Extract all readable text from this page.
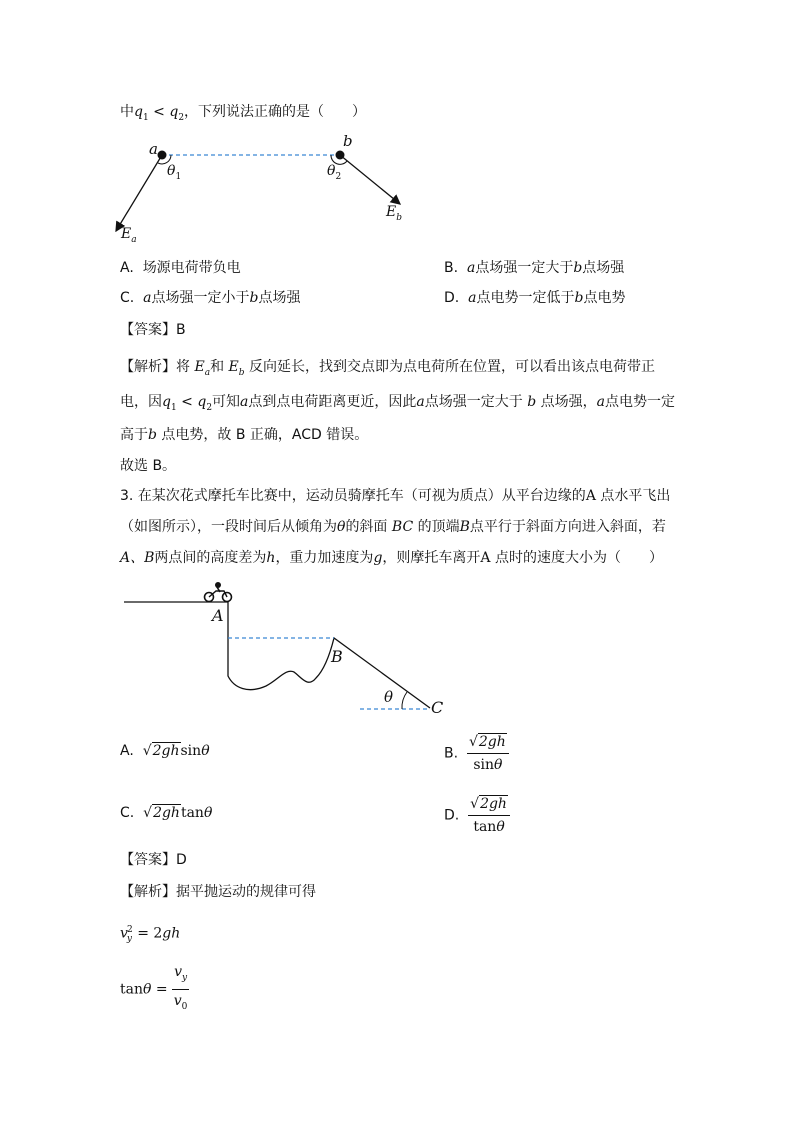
中$q_1 < q_2$，下列说法正确的是（　　）
a	b
$\theta_1$	$\theta_2$
$E_a$
$E_b$
A. 场源电荷带负电	B. a点场强一定大于b点场强
C. a点场强一定小于b点场强	D. a点电势一定低于b点电势
【答案】B
【解析】将 $E_a$和 $E_b$ 反向延长，找到交点即为点电荷所在位置，可以看出该点电荷带正
电，因$q_1 < q_2$可知a点到点电荷距离更近，因此a点场强一定大于 b 点场强，a点电势一定
高于b 点电势，故 B 正确，ACD 错误。
故选 B。
3. 在某次花式摩托车比赛中，运动员骑摩托车（可视为质点）从平台边缘的A 点水平飞出
（如图所示），一段时间后从倾角为θ的斜面 BC 的顶端B点平行于斜面方向进入斜面，若
A、B两点间的高度差为h，重力加速度为g，则摩托车离开A 点时的速度大小为（　　）
A
B
C
θ
A. √2ghsinθ	B. $\frac{√2gh}{\sin\theta}$
C. √2ghtanθ	D. $\frac{√2gh}{\tan\theta}$
【答案】D
【解析】据平抛运动的规律可得
$v_y^2 = 2gh$
$\tan\theta = \frac{v_y}{v_0}$
